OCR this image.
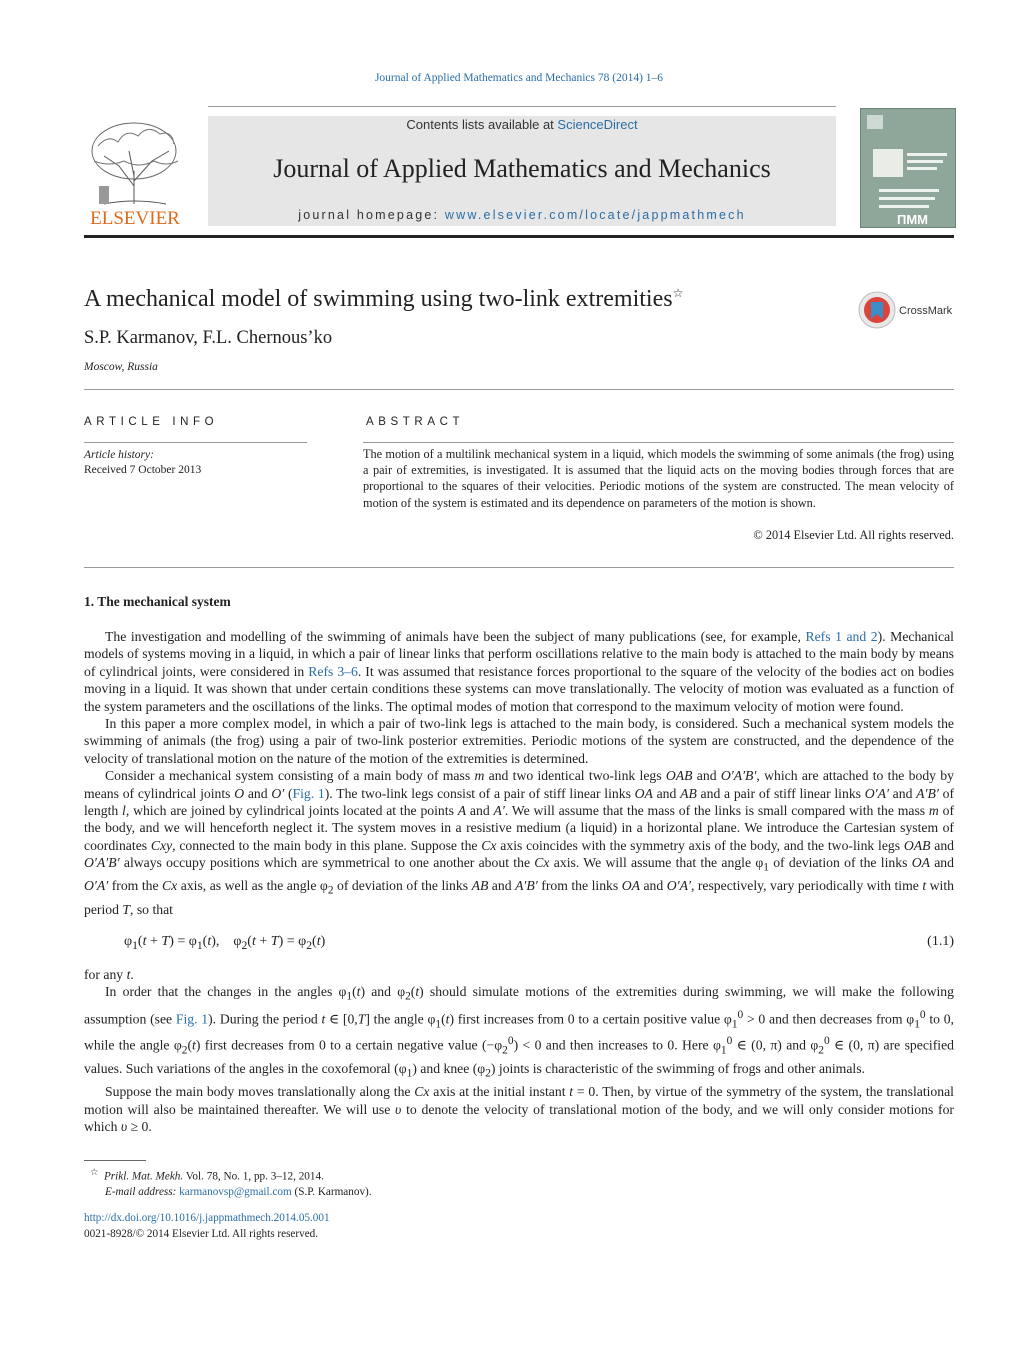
Journal of Applied Mathematics and Mechanics 78 (2014) 1–6
ELSEVIER
Contents lists available at ScienceDirect
Journal of Applied Mathematics and Mechanics
journal homepage: www.elsevier.com/locate/jappmathmech	ПММ
A mechanical model of swimming using two-link extremities☆
S.P. Karmanov, F.L. Chernous’ko
Moscow, Russia
CrossMark
ARTICLE INFO
Article history:
Received 7 October 2013
ABSTRACT
The motion of a multilink mechanical system in a liquid, which models the swimming of some animals (the frog) using a pair of extremities, is investigated. It is assumed that the liquid acts on the moving bodies through forces that are proportional to the squares of their velocities. Periodic motions of the system are constructed. The mean velocity of motion of the system is estimated and its dependence on parameters of the motion is shown.
© 2014 Elsevier Ltd. All rights reserved.
1. The mechanical system

The investigation and modelling of the swimming of animals have been the subject of many publications (see, for example, Refs 1 and 2). Mechanical models of systems moving in a liquid, in which a pair of linear links that perform oscillations relative to the main body is attached to the main body by means of cylindrical joints, were considered in Refs 3–6. It was assumed that resistance forces proportional to the square of the velocity of the bodies act on bodies moving in a liquid. It was shown that under certain conditions these systems can move translationally. The velocity of motion was evaluated as a function of the system parameters and the oscillations of the links. The optimal modes of motion that correspond to the maximum velocity of motion were found.

In this paper a more complex model, in which a pair of two-link legs is attached to the main body, is considered. Such a mechanical system models the swimming of animals (the frog) using a pair of two-link posterior extremities. Periodic motions of the system are constructed, and the dependence of the velocity of translational motion on the nature of the motion of the extremities is determined.

Consider a mechanical system consisting of a main body of mass m and two identical two-link legs OAB and O′A′B′, which are attached to the body by means of cylindrical joints O and O′ (Fig. 1). The two-link legs consist of a pair of stiff linear links OA and AB and a pair of stiff linear links O′A′ and A′B′ of length l, which are joined by cylindrical joints located at the points A and A′. We will assume that the mass of the links is small compared with the mass m of the body, and we will henceforth neglect it. The system moves in a resistive medium (a liquid) in a horizontal plane. We introduce the Cartesian system of coordinates Cxy, connected to the main body in this plane. Suppose the Cx axis coincides with the symmetry axis of the body, and the two-link legs OAB and O′A′B′ always occupy positions which are symmetrical to one another about the Cx axis. We will assume that the angle $\varphi_1$ of deviation of the links OA and O′A′ from the Cx axis, as well as the angle $\varphi_2$ of deviation of the links AB and A′B′ from the links OA and O′A′, respectively, vary periodically with time t with period T, so that

$\varphi_1(t + T) = \varphi_1(t)$,    $\varphi_2(t + T) = \varphi_2(t)$	(1.1)

for any t.

In order that the changes in the angles $\varphi_1(t)$ and $\varphi_2(t)$ should simulate motions of the extremities during swimming, we will make the following assumption (see Fig. 1). During the period t ∈ [0,T] the angle $\varphi_1(t)$ first increases from 0 to a certain positive value $\varphi_1^0 > 0$ and then decreases from $\varphi_1^0$ to 0, while the angle $\varphi_2(t)$ first decreases from 0 to a certain negative value $(-\varphi_2^0) < 0$ and then increases to 0. Here $\varphi_1^0$ ∈ (0, π) and $\varphi_2^0$ ∈ (0, π) are specified values. Such variations of the angles in the coxofemoral $(\varphi_1)$ and knee $(\varphi_2)$ joints is characteristic of the swimming of frogs and other animals.

Suppose the main body moves translationally along the Cx axis at the initial instant t = 0. Then, by virtue of the symmetry of the system, the translational motion will also be maintained thereafter. We will use υ to denote the velocity of translational motion of the body, and we will only consider motions for which υ ≥ 0.

☆ Prikl. Mat. Mekh. Vol. 78, No. 1, pp. 3–12, 2014.
E-mail address: karmanovsp@gmail.com (S.P. Karmanov).
http://dx.doi.org/10.1016/j.jappmathmech.2014.05.001
0021-8928/© 2014 Elsevier Ltd. All rights reserved.
